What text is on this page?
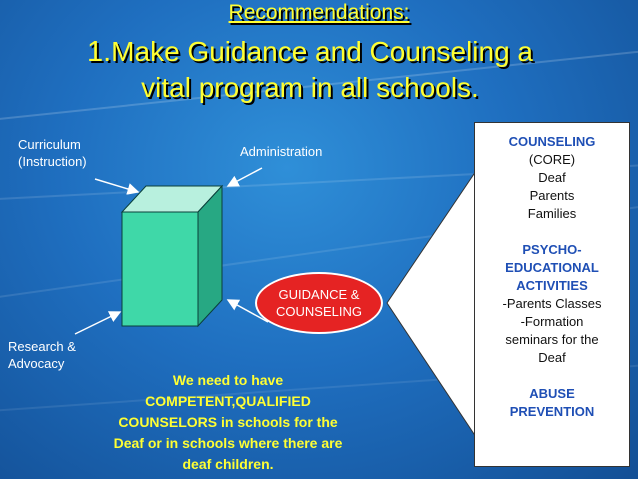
Recommendations:
1.Make Guidance and Counseling a
vital program in all schools.
Curriculum
(Instruction)
Administration
Research &
Advocacy
GUIDANCE &
COUNSELING
COUNSELING
(CORE)
Deaf
Parents
Families
PSYCHO-
EDUCATIONAL
ACTIVITIES
-Parents Classes
-Formation
seminars for the
Deaf
ABUSE
PREVENTION
We need to have
COMPETENT,QUALIFIED
COUNSELORS in schools for the
Deaf or in schools where there are
deaf children.
